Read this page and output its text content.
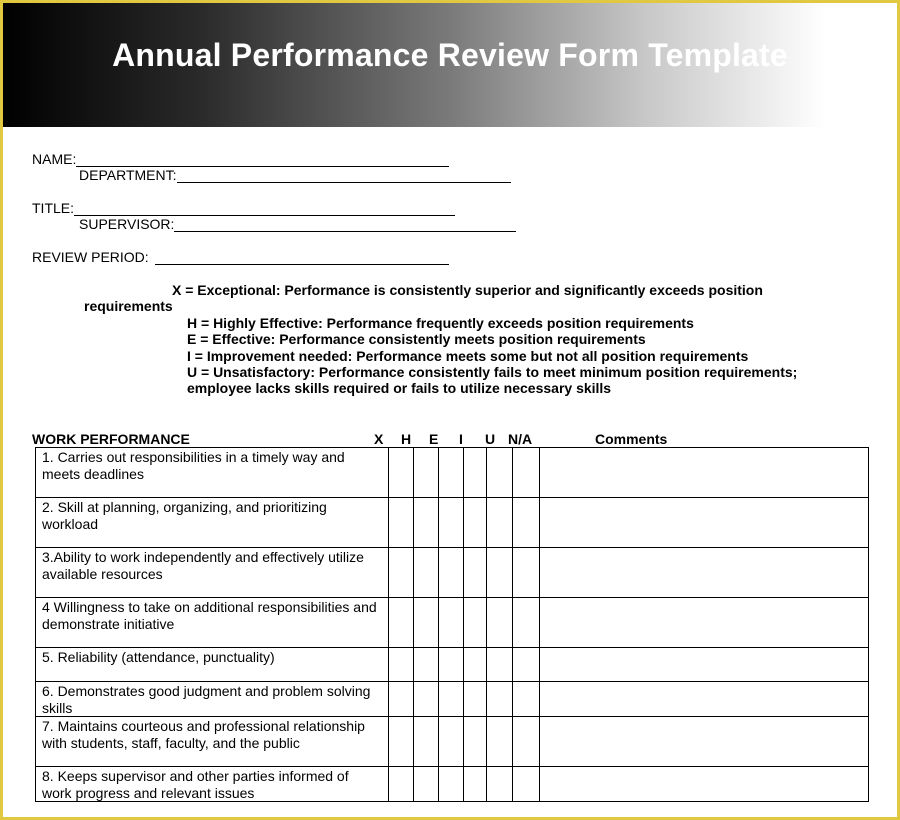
Annual Performance Review Form Template
NAME:
DEPARTMENT:
TITLE:
SUPERVISOR:
REVIEW PERIOD:
X = Exceptional: Performance is consistently superior and significantly exceeds position
requirements
H = Highly Effective: Performance frequently exceeds position requirements
E = Effective: Performance consistently meets position requirements
I = Improvement needed: Performance meets some but not all position requirements
U = Unsatisfactory: Performance consistently fails to meet minimum position requirements;
employee lacks skills required or fails to utilize necessary skills
WORK PERFORMANCE	X H E I U N/A	Comments
1. Carries out responsibilities in a timely way and meets deadlines							
2. Skill at planning, organizing, and prioritizing workload							
3.Ability to work independently and effectively utilize available resources							
4 Willingness to take on additional responsibilities and demonstrate initiative							
5. Reliability (attendance, punctuality)							
6. Demonstrates good judgment and problem solving skills							
7. Maintains courteous and professional relationship with students, staff, faculty, and the public							
8. Keeps supervisor and other parties informed of work progress and relevant issues							
